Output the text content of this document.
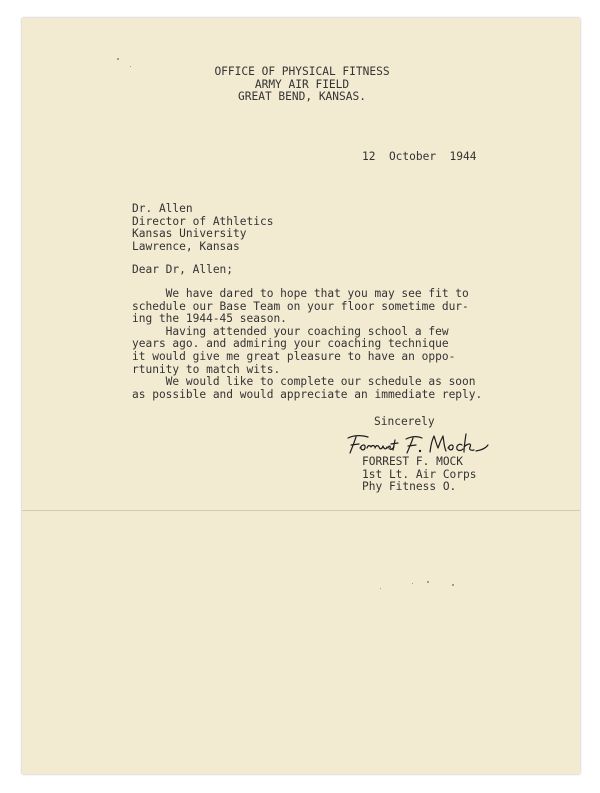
OFFICE OF PHYSICAL FITNESS
ARMY AIR FIELD
GREAT BEND, KANSAS.
12  October  1944
Dr. Allen
Director of Athletics
Kansas University
Lawrence, Kansas
Dear Dr, Allen;
We have dared to hope that you may see fit to
schedule our Base Team on your floor sometime dur-
ing the 1944-45 season.
Having attended your coaching school a few
years ago. and admiring your coaching technique
it would give me great pleasure to have an oppo-
rtunity to match wits.
We would like to complete our schedule as soon
as possible and would appreciate an immediate reply.
Sincerely
FORREST F. MOCK
1st Lt. Air Corps
Phy Fitness O.
